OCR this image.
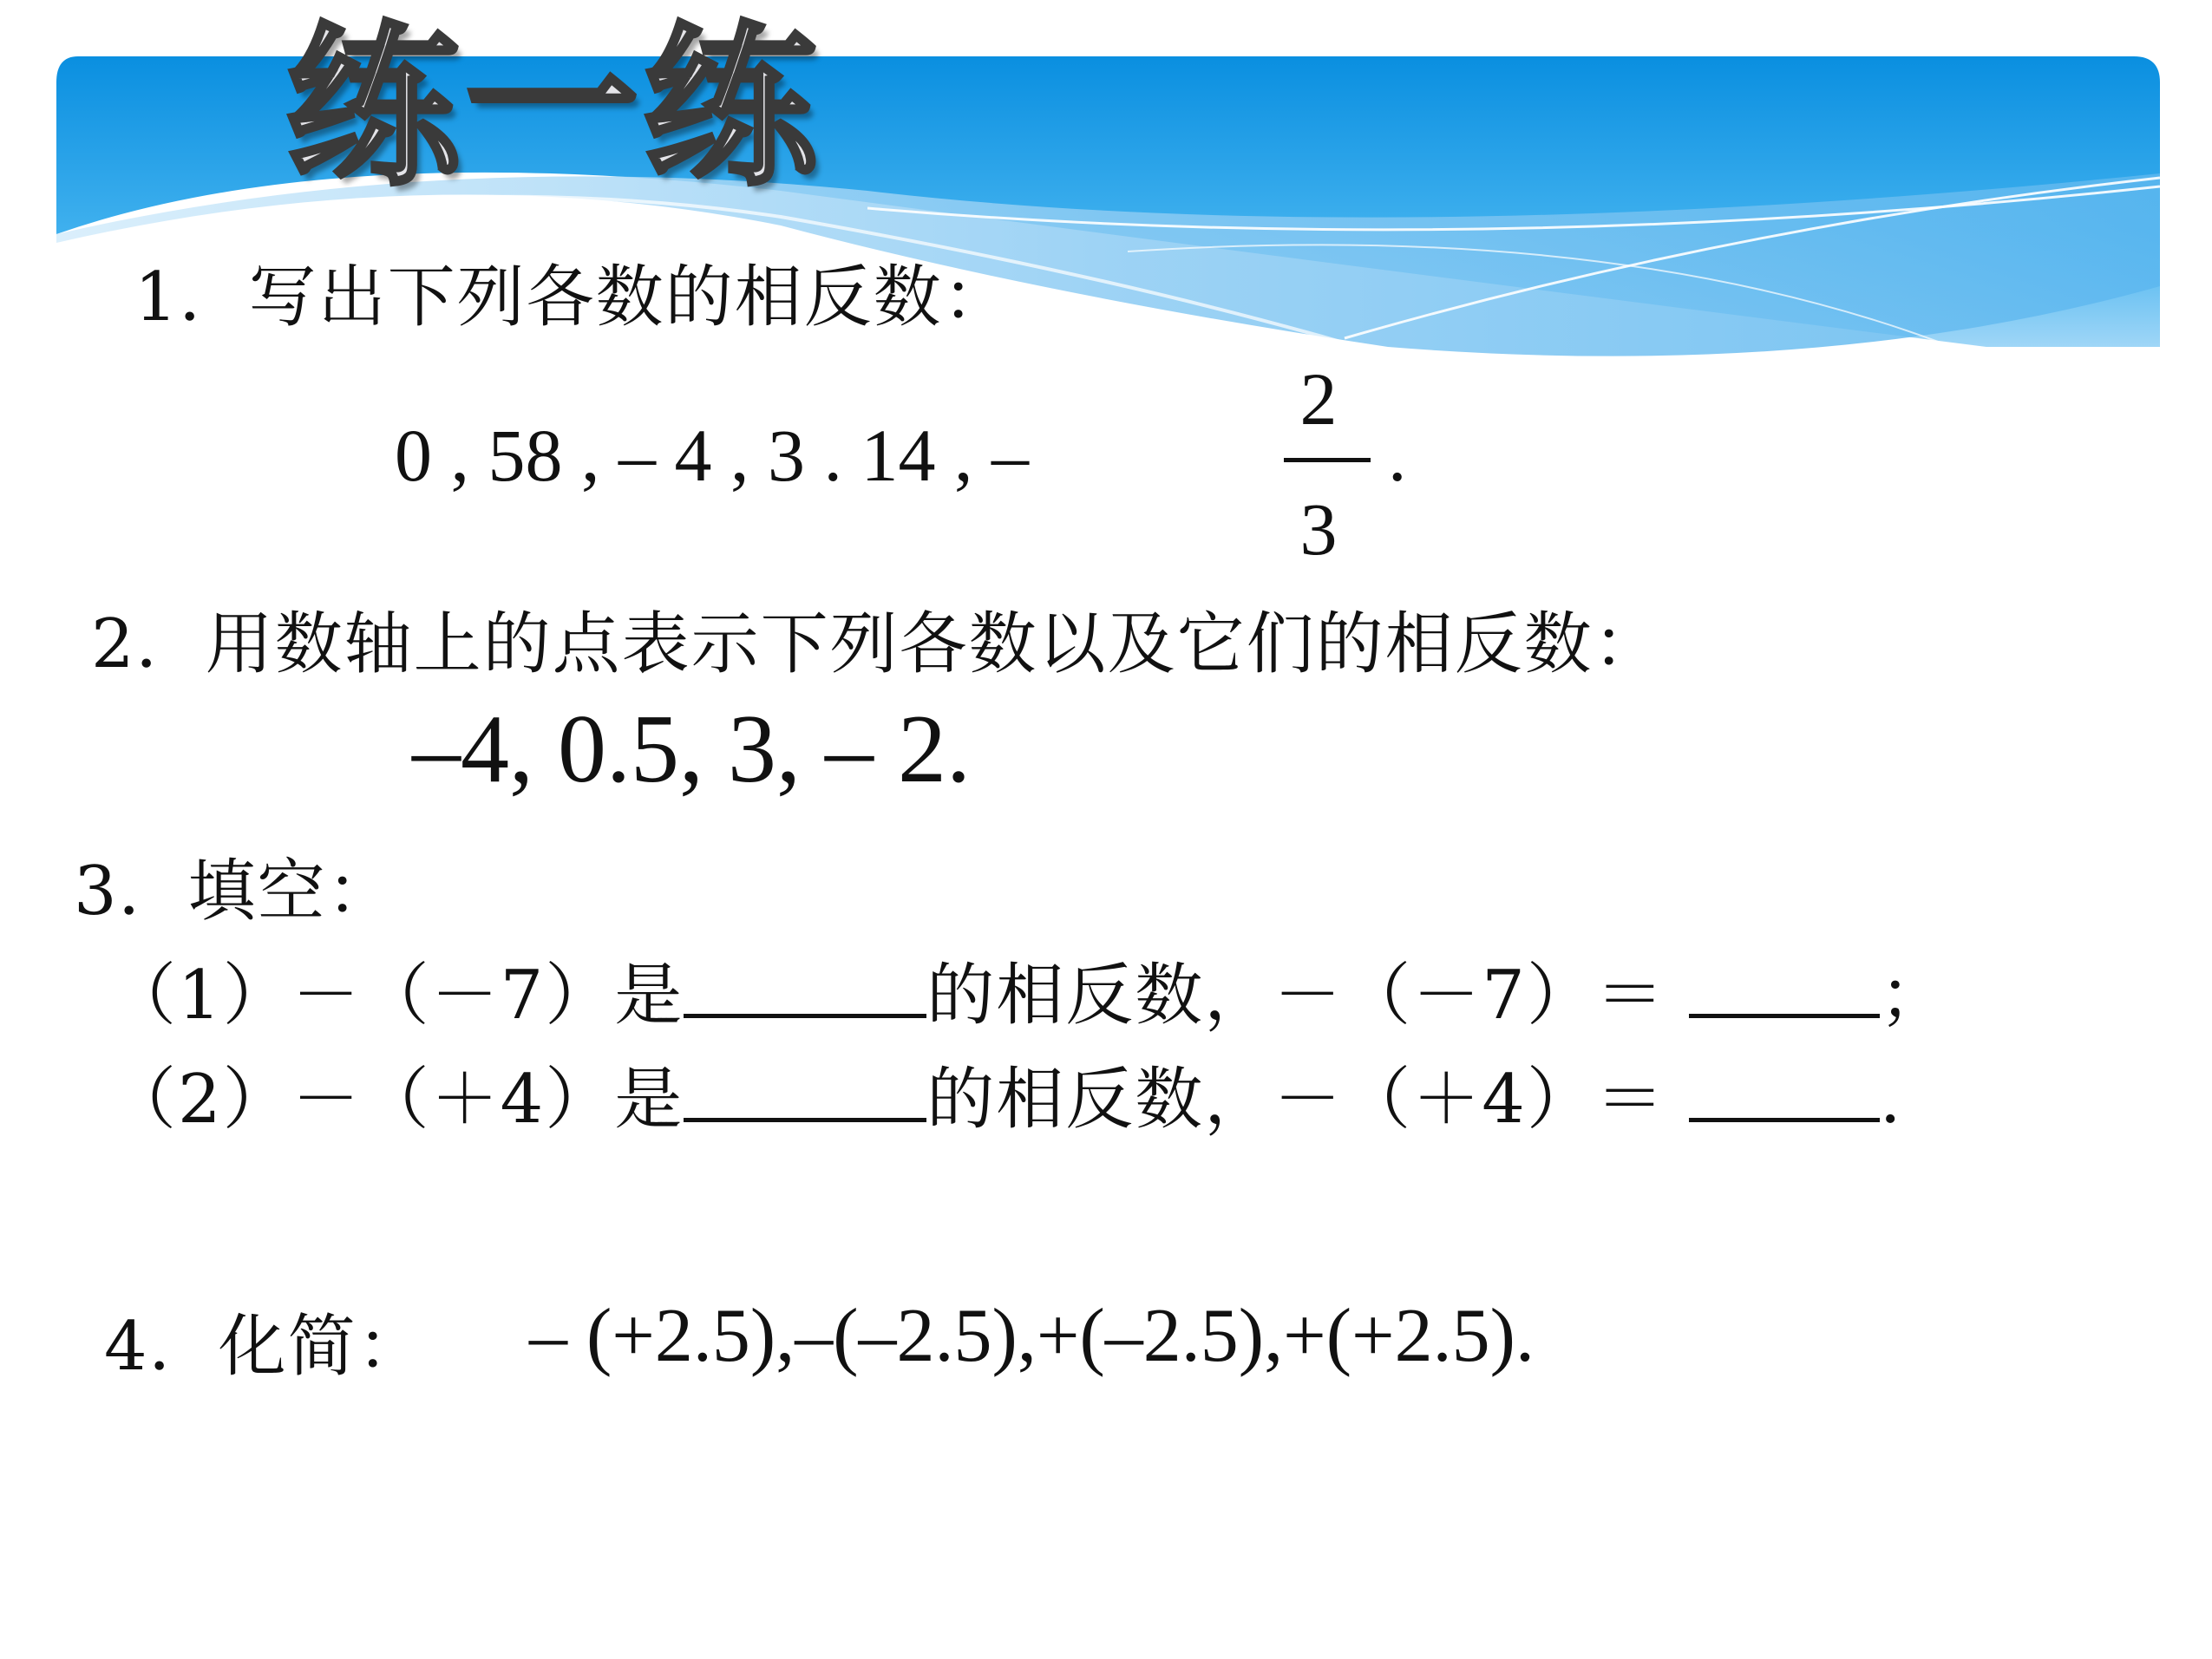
练一练
1．写出下列各数的相反数：
0 , 58 , – 4 , 3 . 14 , –
2
3
.
2．用数轴上的点表示下列各数以及它们的相反数：
–4, 0.5, 3, – 2.
3．填空：
（1）－（－7）是	的相反数，－（－7）＝	；
（2）－（＋4）是	的相反数，－（＋4）＝	.
4．化简： – (+2.5),–(–2.5),+(–2.5),+(+2.5).
